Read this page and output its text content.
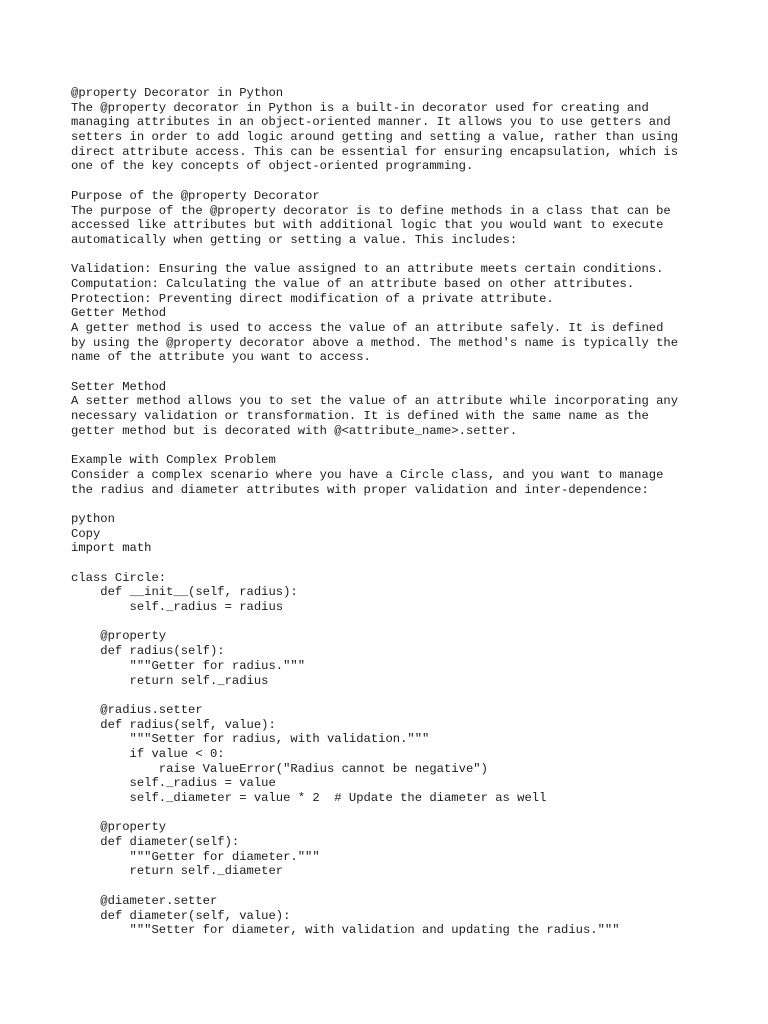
@property Decorator in Python
The @property decorator in Python is a built-in decorator used for creating and
managing attributes in an object-oriented manner. It allows you to use getters and
setters in order to add logic around getting and setting a value, rather than using
direct attribute access. This can be essential for ensuring encapsulation, which is
one of the key concepts of object-oriented programming.
Purpose of the @property Decorator
The purpose of the @property decorator is to define methods in a class that can be
accessed like attributes but with additional logic that you would want to execute
automatically when getting or setting a value. This includes:
Validation: Ensuring the value assigned to an attribute meets certain conditions.
Computation: Calculating the value of an attribute based on other attributes.
Protection: Preventing direct modification of a private attribute.
Getter Method
A getter method is used to access the value of an attribute safely. It is defined
by using the @property decorator above a method. The method's name is typically the
name of the attribute you want to access.
Setter Method
A setter method allows you to set the value of an attribute while incorporating any
necessary validation or transformation. It is defined with the same name as the
getter method but is decorated with @<attribute_name>.setter.
Example with Complex Problem
Consider a complex scenario where you have a Circle class, and you want to manage
the radius and diameter attributes with proper validation and inter-dependence:
python
Copy
import math
class Circle:
def __init__(self, radius):
self._radius = radius
@property
def radius(self):
"""Getter for radius."""
return self._radius
@radius.setter
def radius(self, value):
"""Setter for radius, with validation."""
if value < 0:
raise ValueError("Radius cannot be negative")
self._radius = value
self._diameter = value * 2  # Update the diameter as well
@property
def diameter(self):
"""Getter for diameter."""
return self._diameter
@diameter.setter
def diameter(self, value):
"""Setter for diameter, with validation and updating the radius."""
